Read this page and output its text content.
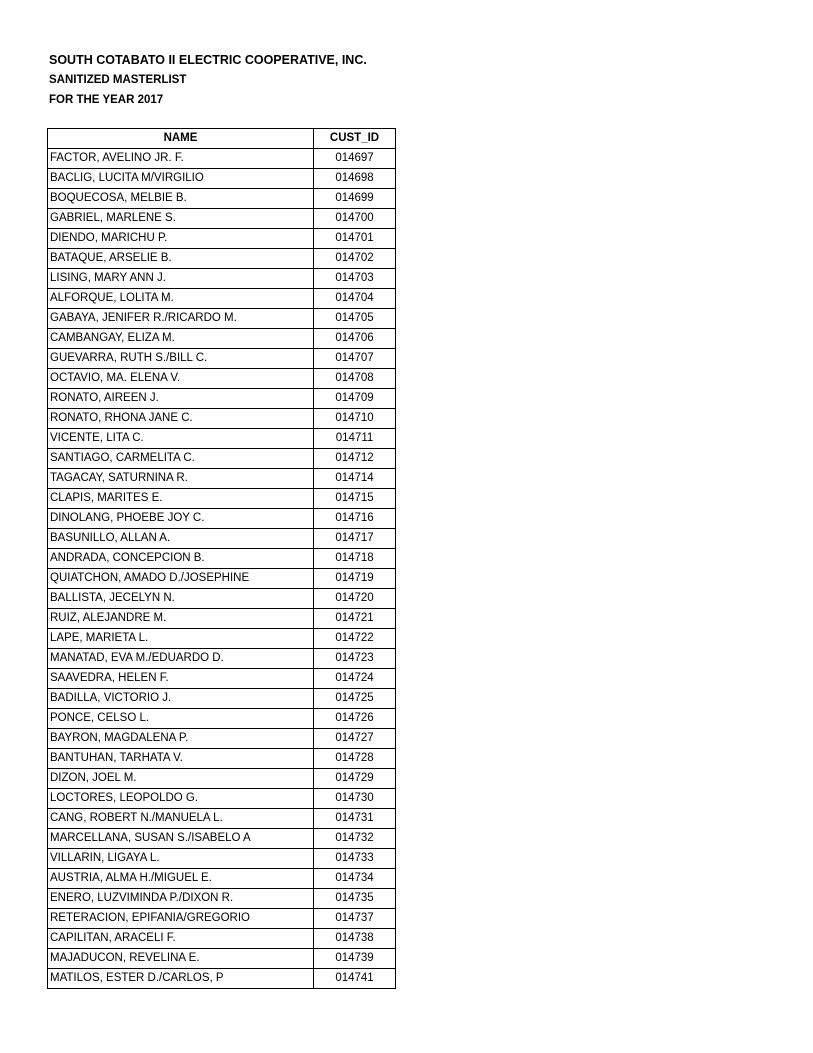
SOUTH COTABATO II ELECTRIC COOPERATIVE, INC.
SANITIZED MASTERLIST
FOR THE YEAR 2017
NAME	CUST_ID
FACTOR, AVELINO JR. F.	014697
BACLIG, LUCITA M/VIRGILIO	014698
BOQUECOSA, MELBIE B.	014699
GABRIEL, MARLENE S.	014700
DIENDO, MARICHU P.	014701
BATAQUE, ARSELIE B.	014702
LISING, MARY ANN J.	014703
ALFORQUE, LOLITA M.	014704
GABAYA, JENIFER R./RICARDO M.	014705
CAMBANGAY, ELIZA M.	014706
GUEVARRA, RUTH S./BILL C.	014707
OCTAVIO, MA. ELENA V.	014708
RONATO, AIREEN J.	014709
RONATO, RHONA JANE C.	014710
VICENTE, LITA C.	014711
SANTIAGO, CARMELITA C.	014712
TAGACAY, SATURNINA R.	014714
CLAPIS, MARITES E.	014715
DINOLANG, PHOEBE JOY C.	014716
BASUNILLO, ALLAN A.	014717
ANDRADA, CONCEPCION B.	014718
QUIATCHON, AMADO D./JOSEPHINE	014719
BALLISTA, JECELYN N.	014720
RUIZ, ALEJANDRE M.	014721
LAPE, MARIETA L.	014722
MANATAD, EVA M./EDUARDO D.	014723
SAAVEDRA, HELEN F.	014724
BADILLA, VICTORIO J.	014725
PONCE, CELSO L.	014726
BAYRON, MAGDALENA P.	014727
BANTUHAN, TARHATA V.	014728
DIZON, JOEL M.	014729
LOCTORES, LEOPOLDO G.	014730
CANG, ROBERT N./MANUELA L.	014731
MARCELLANA, SUSAN S./ISABELO A	014732
VILLARIN, LIGAYA L.	014733
AUSTRIA, ALMA H./MIGUEL E.	014734
ENERO, LUZVIMINDA P./DIXON R.	014735
RETERACION, EPIFANIA/GREGORIO	014737
CAPILITAN, ARACELI F.	014738
MAJADUCON, REVELINA E.	014739
MATILOS, ESTER D./CARLOS, P	014741
